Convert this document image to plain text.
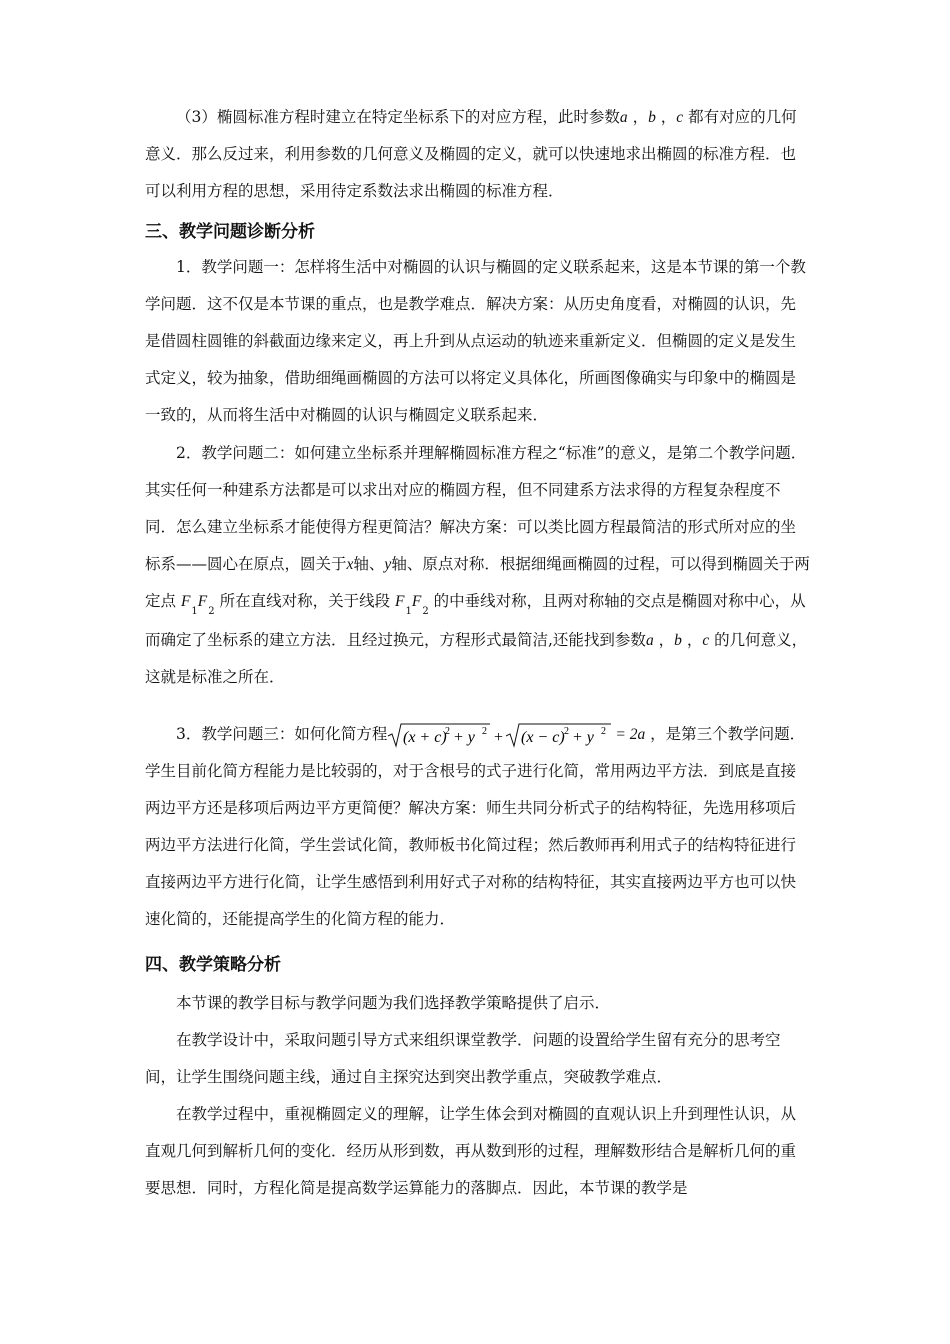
（3）椭圆标准方程时建立在特定坐标系下的对应方程，此时参数a ，b ，c 都有对应的几何意义．那么反过来，利用参数的几何意义及椭圆的定义，就可以快速地求出椭圆的标准方程．也可以利用方程的思想，采用待定系数法求出椭圆的标准方程．

三、教学问题诊断分析

1．教学问题一：怎样将生活中对椭圆的认识与椭圆的定义联系起来，这是本节课的第一个教学问题．这不仅是本节课的重点，也是教学难点．解决方案：从历史角度看，对椭圆的认识，先是借圆柱圆锥的斜截面边缘来定义，再上升到从点运动的轨迹来重新定义．但椭圆的定义是发生式定义，较为抽象，借助细绳画椭圆的方法可以将定义具体化，所画图像确实与印象中的椭圆是一致的，从而将生活中对椭圆的认识与椭圆定义联系起来．

2．教学问题二：如何建立坐标系并理解椭圆标准方程之“标准”的意义，是第二个教学问题．其实任何一种建系方法都是可以求出对应的椭圆方程，但不同建系方法求得的方程复杂程度不同．怎么建立坐标系才能使得方程更简洁？解决方案：可以类比圆方程最简洁的形式所对应的坐标系——圆心在原点，圆关于x轴、y轴、原点对称．根据细绳画椭圆的过程，可以得到椭圆关于两定点 $F_1F_2$ 所在直线对称，关于线段 $F_1F_2$ 的中垂线对称，且两对称轴的交点是椭圆对称中心，从而确定了坐标系的建立方法．且经过换元，方程形式最简洁,还能找到参数a ，b ，c 的几何意义，这就是标准之所在．

3．教学问题三：如何化简方程 (x + c)
2 + y 2 + (x − c) 2 + y 2 = 2a ，是第三个教学问题．学生目前化简方程能力是比较弱的，对于含根号的式子进行化简，常用两边平方法．到底是直接两边平方还是移项后两边平方更简便？解决方案：师生共同分析式子的结构特征，先选用移项后两边平方法进行化简，学生尝试化简，教师板书化简过程；然后教师再利用式子的结构特征进行直接两边平方进行化简，让学生感悟到利用好式子对称的结构特征，其实直接两边平方也可以快速化简的，还能提高学生的化简方程的能力．

四、教学策略分析

本节课的教学目标与教学问题为我们选择教学策略提供了启示．

在教学设计中，采取问题引导方式来组织课堂教学．问题的设置给学生留有充分的思考空间，让学生围绕问题主线，通过自主探究达到突出教学重点，突破教学难点．

在教学过程中，重视椭圆定义的理解，让学生体会到对椭圆的直观认识上升到理性认识，从直观几何到解析几何的变化．经历从形到数，再从数到形的过程，理解数形结合是解析几何的重要思想．同时，方程化简是提高数学运算能力的落脚点．因此，本节课的教学是
